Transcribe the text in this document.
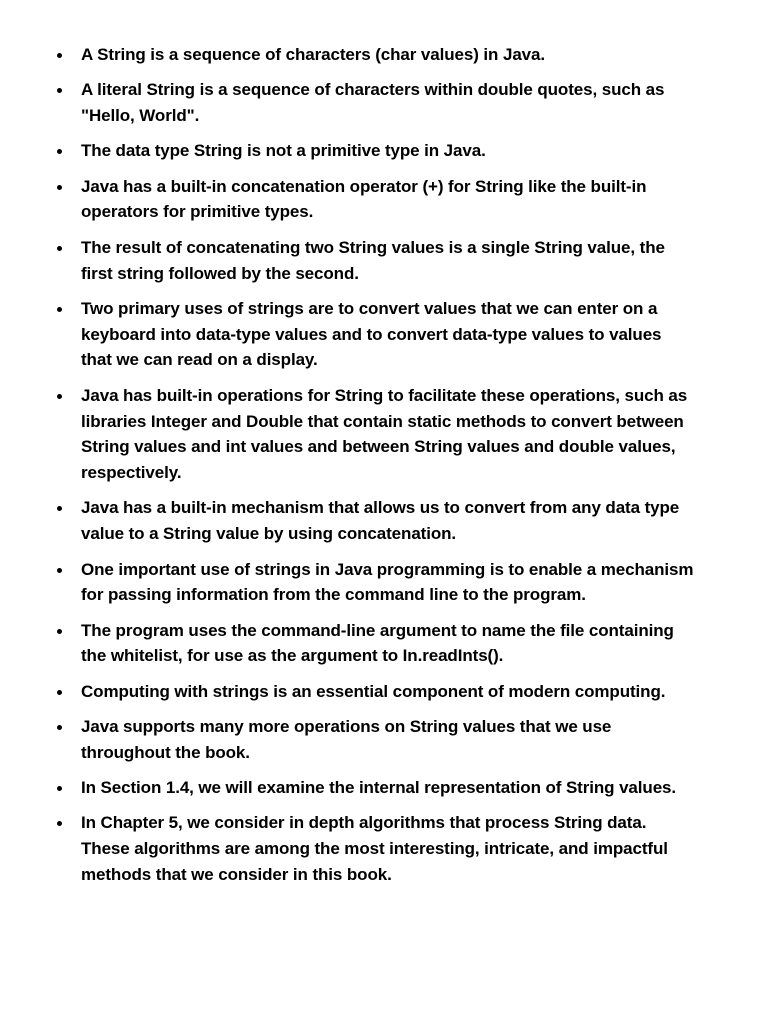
A String is a sequence of characters (char values) in Java.
A literal String is a sequence of characters within double quotes, such as "Hello, World".
The data type String is not a primitive type in Java.
Java has a built-in concatenation operator (+) for String like the built-in operators for primitive types.
The result of concatenating two String values is a single String value, the first string followed by the second.
Two primary uses of strings are to convert values that we can enter on a keyboard into data-type values and to convert data-type values to values that we can read on a display.
Java has built-in operations for String to facilitate these operations, such as libraries Integer and Double that contain static methods to convert between String values and int values and between String values and double values, respectively.
Java has a built-in mechanism that allows us to convert from any data type value to a String value by using concatenation.
One important use of strings in Java programming is to enable a mechanism for passing information from the command line to the program.
The program uses the command-line argument to name the file containing the whitelist, for use as the argument to In.readInts().
Computing with strings is an essential component of modern computing.
Java supports many more operations on String values that we use throughout the book.
In Section 1.4, we will examine the internal representation of String values.
In Chapter 5, we consider in depth algorithms that process String data. These algorithms are among the most interesting, intricate, and impactful methods that we consider in this book.
